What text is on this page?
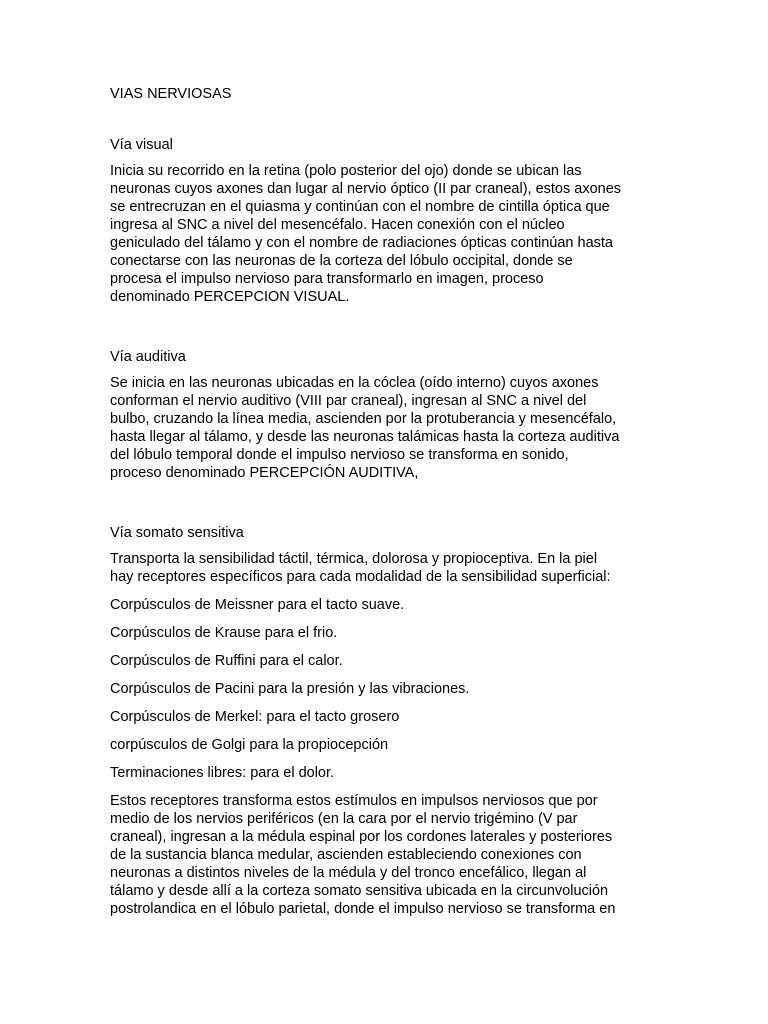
VIAS NERVIOSAS
Vía visual
Inicia su recorrido en la retina (polo posterior del ojo) donde se ubican las
neuronas cuyos axones dan lugar al nervio óptico (II par craneal), estos axones
se entrecruzan en el quiasma y continúan con el nombre de cintilla óptica que
ingresa al SNC a nivel del mesencéfalo. Hacen conexión con el núcleo
geniculado del tálamo y con el nombre de radiaciones ópticas continúan hasta
conectarse con las neuronas de la corteza del lóbulo occipital, donde se
procesa el impulso nervioso para transformarlo en imagen, proceso
denominado PERCEPCION VISUAL.
Vía auditiva
Se inicia en las neuronas ubicadas en la cóclea (oído interno) cuyos axones
conforman el nervio auditivo (VIII par craneal), ingresan al SNC a nivel del
bulbo, cruzando la línea media, ascienden por la protuberancia y mesencéfalo,
hasta llegar al tálamo, y desde las neuronas talámicas hasta la corteza auditiva
del lóbulo temporal donde el impulso nervioso se transforma en sonido,
proceso denominado PERCEPCIÓN AUDITIVA,
Vía somato sensitiva
Transporta la sensibilidad táctil, térmica, dolorosa y propioceptiva. En la piel
hay receptores específicos para cada modalidad de la sensibilidad superficial:
Corpúsculos de Meissner para el tacto suave.
Corpúsculos de Krause para el frio.
Corpúsculos de Ruffini para el calor.
Corpúsculos de Pacini para la presión y las vibraciones.
Corpúsculos de Merkel: para el tacto grosero
corpúsculos de Golgi para la propiocepción
Terminaciones libres: para el dolor.
Estos receptores transforma estos estímulos en impulsos nerviosos que por
medio de los nervios periféricos (en la cara por el nervio trigémino (V par
craneal), ingresan a la médula espinal por los cordones laterales y posteriores
de la sustancia blanca medular, ascienden estableciendo conexiones con
neuronas a distintos niveles de la médula y del tronco encefálico, llegan al
tálamo y desde allí a la corteza somato sensitiva ubicada en la circunvolución
postrolandica en el lóbulo parietal, donde el impulso nervioso se transforma en
